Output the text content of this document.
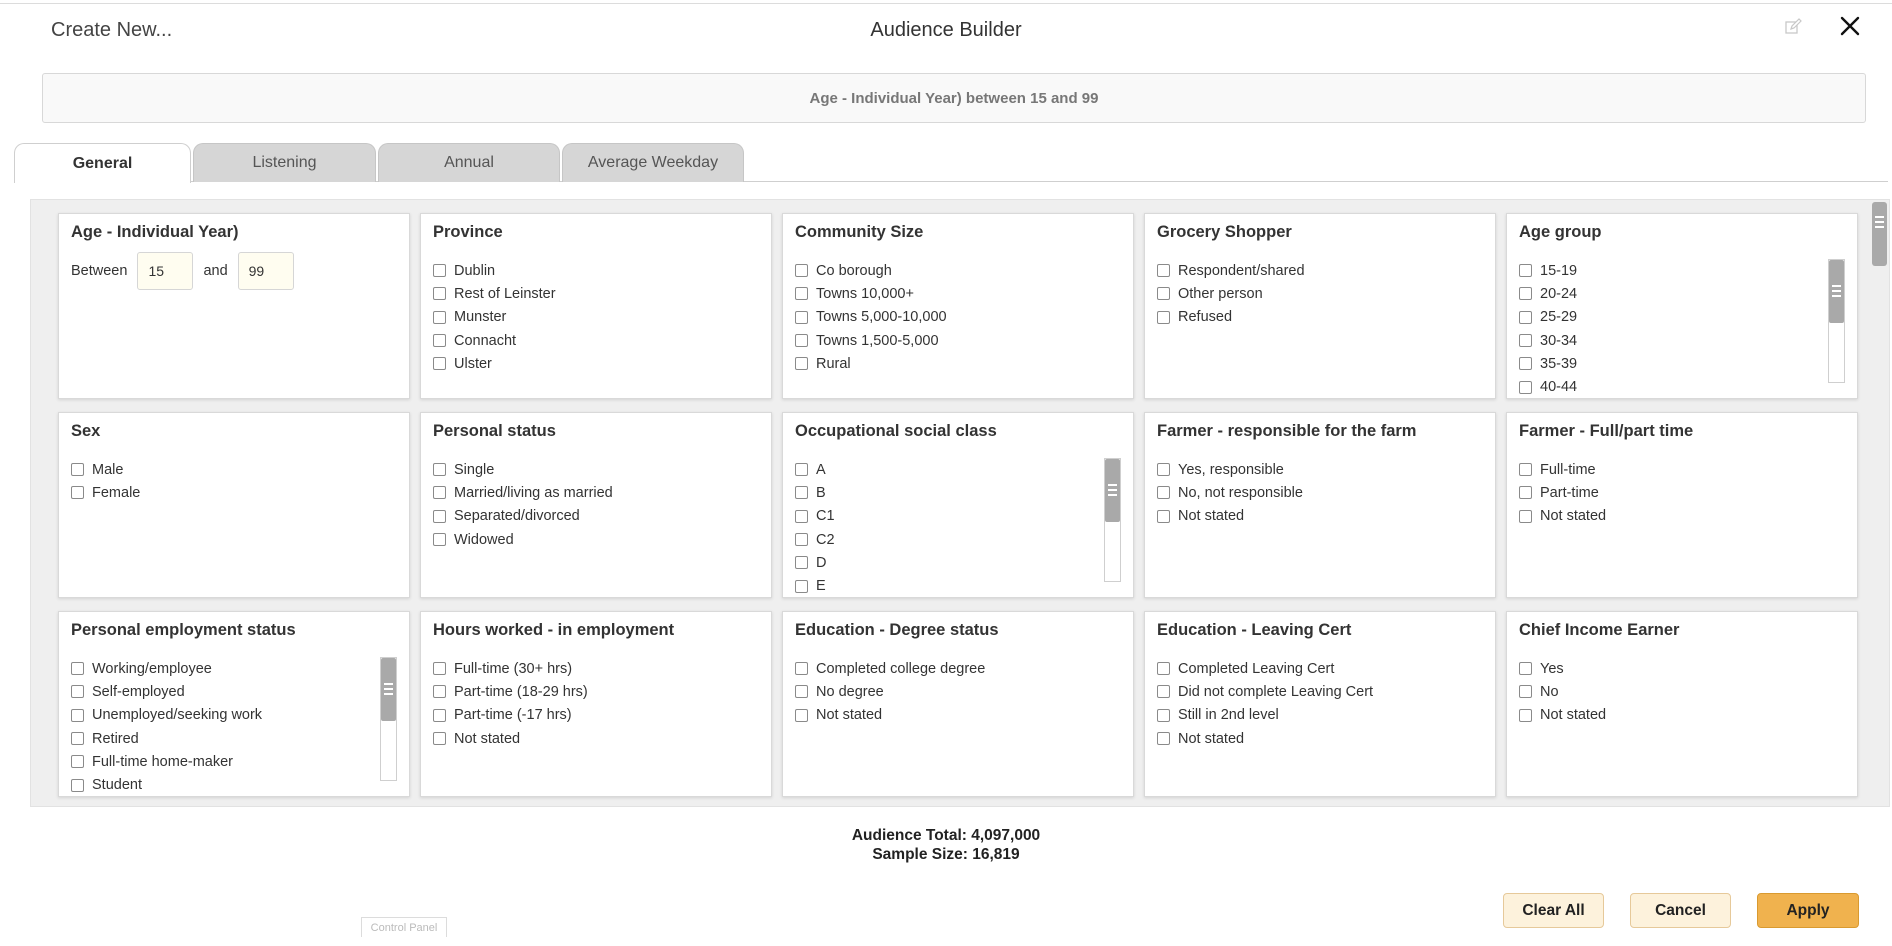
Create New...	Audience Builder
Age - Individual Year) between 15 and 99
General	Listening	Annual	Average Weekday
Age - Individual Year)
Between
15	and
99
Province
Dublin
Rest of Leinster
Munster
Connacht
Ulster
Community Size
Co borough
Towns 10,000+
Towns 5,000-10,000
Towns 1,500-5,000
Rural
Grocery Shopper
Respondent/shared
Other person
Refused
Age group
15-19
20-24
25-29
30-34
35-39
40-44
Sex
Male
Female
Personal status
Single
Married/living as married
Separated/divorced
Widowed
Occupational social class
A
B
C1
C2
D
E
Farmer - responsible for the farm
Yes, responsible
No, not responsible
Not stated
Farmer - Full/part time
Full-time
Part-time
Not stated
Personal employment status
Working/employee
Self-employed
Unemployed/seeking work
Retired
Full-time home-maker
Student
Hours worked - in employment
Full-time (30+ hrs)
Part-time (18-29 hrs)
Part-time (-17 hrs)
Not stated
Education - Degree status
Completed college degree
No degree
Not stated
Education - Leaving Cert
Completed Leaving Cert
Did not complete Leaving Cert
Still in 2nd level
Not stated
Chief Income Earner
Yes
No
Not stated
Audience Total: 4,097,000
Sample Size: 16,819
Control Panel
Clear All	Cancel	Apply
